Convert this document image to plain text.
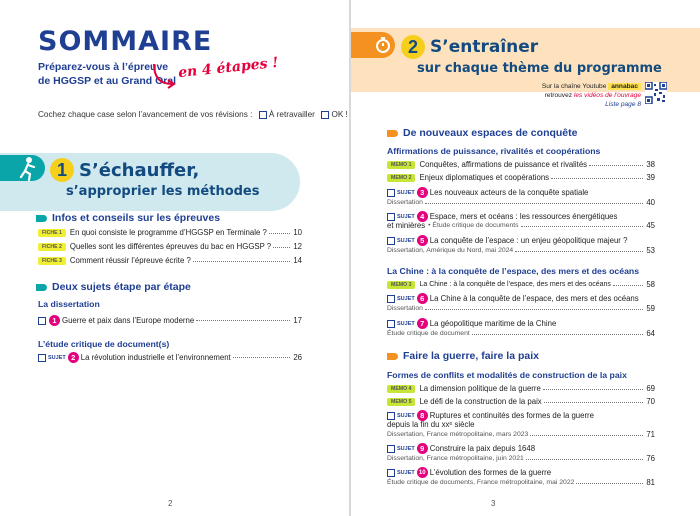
SOMMAIRE
Préparez-vous à l’épreuve
de HGGSP et au Grand Oral en 4 étapes !
Cochez chaque case selon l’avancement de vos révisions : À retravailler OK !
1 S’échauffer,
s’approprier les méthodes
Infos et conseils sur les épreuves
FICHE 1	En quoi consiste le programme d’HGGSP en Terminale ?	10
FICHE 2	Quelles sont les différentes épreuves du bac en HGGSP ?	12
FICHE 3	Comment réussir l’épreuve écrite ?	14
Deux sujets étape par étape
La dissertation
1 Guerre et paix dans l’Europe moderne	17
L’étude critique de document(s)
SUJET 2 La révolution industrielle et l’environnement	26
2
2 S’entraîner
sur chaque thème du programme
Sur la chaîne Youtube annabac
retrouvez les vidéos de l’ouvrage
Liste page 8
De nouveaux espaces de conquête
Affirmations de puissance, rivalités et coopérations
MEMO 1	Conquêtes, affirmations de puissance et rivalités	38
MEMO 2	Enjeux diplomatiques et coopérations	39
SUJET 3 Les nouveaux acteurs de la conquête spatiale
Dissertation	40
SUJET 4 Espace, mers et océans : les ressources énergétiques
et minières • Étude critique de documents	45
SUJET 5 La conquête de l’espace : un enjeu géopolitique majeur ?
Dissertation, Amérique du Nord, mai 2024	53
La Chine : à la conquête de l’espace, des mers et des océans
MEMO 3	La Chine : à la conquête de l’espace, des mers et des océans	58
SUJET 6 La Chine à la conquête de l’espace, des mers et des océans
Dissertation	59
SUJET 7 La géopolitique maritime de la Chine
Étude critique de document	64
Faire la guerre, faire la paix
Formes de conflits et modalités de construction de la paix
MEMO 4	La dimension politique de la guerre	69
MEMO 5	Le défi de la construction de la paix	70
SUJET 8 Ruptures et continuités des formes de la guerre
depuis la fin du xxᵉ siècle
Dissertation, France métropolitaine, mars 2023	71
SUJET 9 Construire la paix depuis 1648
Dissertation, France métropolitaine, juin 2021	76
SUJET 10 L’évolution des formes de la guerre
Étude critique de documents, France métropolitaine, mai 2022	81
3
